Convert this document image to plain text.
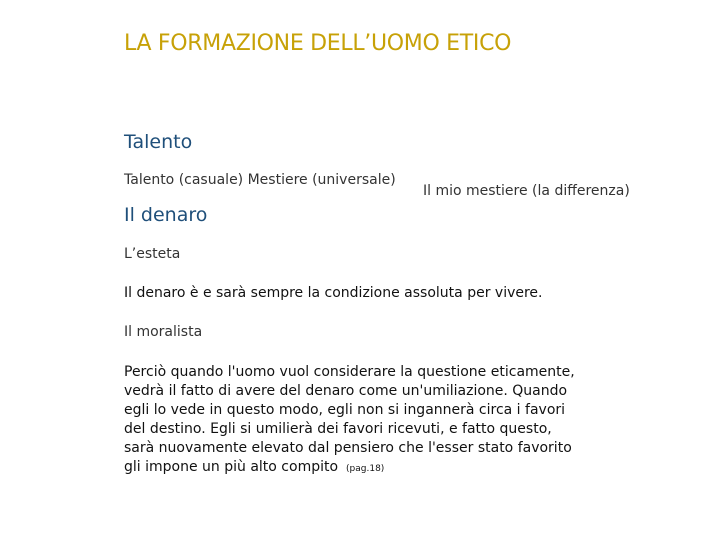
LA FORMAZIONE DELL’UOMO ETICO
Talento
Talento (casuale) Mestiere (universale)
Il mio mestiere (la differenza)
Il denaro
L’esteta
Il denaro è e sarà sempre la condizione assoluta per vivere.
Il moralista
Perciò quando l'uomo vuol considerare la questione eticamente,
vedrà il fatto di avere del denaro come un'umiliazione. Quando
egli lo vede in questo modo, egli non si ingannerà circa i favori
del destino. Egli si umilierà dei favori ricevuti, e fatto questo,
sarà nuovamente elevato dal pensiero che l'esser stato favorito
gli impone un più alto compito (pag.18)
